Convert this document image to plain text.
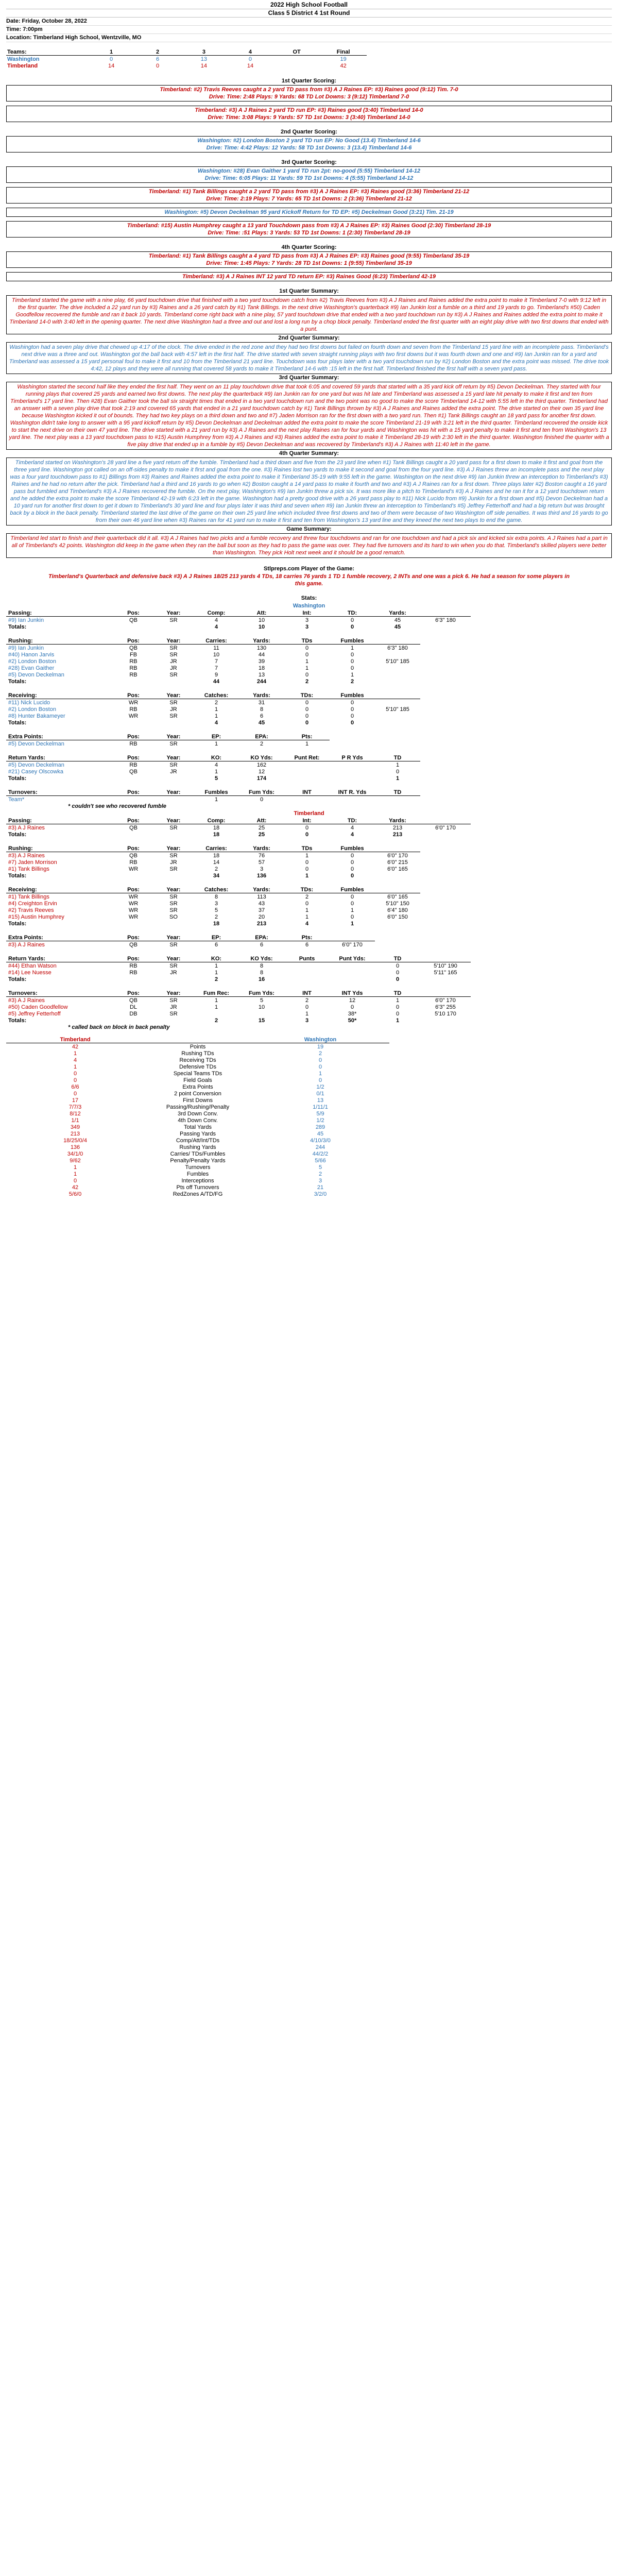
2022 High School Football
Class 5 District 4 1st Round
Date: Friday, October 28, 2022
Time: 7:00pm
Location: Timberland High School, Wentzville, MO
Teams:	1	2	3	4	OT	Final
Washington	0	6	13	0		19
Timberland	14	0	14	14		42
1st Quarter Scoring:
Timberland: #2) Travis Reeves caught a 2 yard TD pass from #3) A J Raines EP: #3) Raines good (9:12) Tim. 7-0
Drive: Time: 2:48 Plays: 9 Yards: 68 TD Lot Downs: 3 (9:12) Timberland 7-0
Timberland: #3) A J Raines 2 yard TD run EP: #3) Raines good (3:40) Timberland 14-0
Drive: Time: 3:08 Plays: 9 Yards: 57 TD 1st Downs: 3 (3:40) Timberland 14-0
2nd Quarter Scoring:
Washington: #2) London Boston 2 yard TD run EP: No Good (13.4) Timberland 14-6
Drive: Time: 4:42 Plays: 12 Yards: 58 TD 1st Downs: 3 (13.4) Timberland 14-6
3rd Quarter Scoring:
Washington: #28) Evan Gaither 1 yard TD run 2pt: no-good (5:55) Timberland 14-12
Drive: Time: 6:05 Plays: 11 Yards: 59 TD 1st Downs: 4 (5:55) Timberland 14-12
Timberland: #1) Tank Billings caught a 2 yard TD pass from #3) A J Raines EP: #3) Raines good (3:36) Timberland 21-12
Drive: Time: 2:19 Plays: 7 Yards: 65 TD 1st Downs: 2 (3:36) Timberland 21-12
Washington: #5) Devon Deckelman 95 yard Kickoff Return for TD EP: #5) Deckelman Good (3:21) Tim. 21-19
Timberland: #15) Austin Humphrey caught a 13 yard Touchdown pass from #3) A J Raines EP: #3) Raines Good (2:30) Timberland 28-19
Drive: Time: :51 Plays: 3 Yards: 53 TD 1st Downs: 1 (2:30) Timberland 28-19
4th Quarter Scoring:
Timberland: #1) Tank Billings caught a 4 yard TD pass from #3) A J Raines EP: #3) Raines good (9:55) Timberland 35-19
Drive: Time: 1:45 Plays: 7 Yards: 28 TD 1st Downs: 1 (9:55) Timberland 35-19
Timberland: #3) A J Raines INT 12 yard TD return EP: #3) Raines Good (6:23) Timberland 42-19
1st Quarter Summary:
Timberland started the game with a nine play, 66 yard touchdown drive that finished with a two yard touchdown catch from #2) Travis Reeves from #3) A J Raines and Raines added the extra point to make it Timberland 7-0 with 9:12 left in the first quarter. The drive included a 22 yard run by #3) Raines and a 26 yard catch by #1) Tank Billings. In the next drive Washington's quarterback #9) Ian Junkin lost a fumble on a third and 19 yards to go. Timberland's #50) Caden Goodfellow recovered the fumble and ran it back 10 yards. Timberland come right back with a nine play, 57 yard touchdown drive that ended with a two yard touchdown run by #3) A J Raines and Raines added the extra point to make it Timberland 14-0 with 3:40 left in the opening quarter. The next drive Washington had a three and out and lost a long run by a chop block penalty. Timberland ended the first quarter with an eight play drive with two first downs that ended with a punt.
2nd Quarter Summary:
Washington had a seven play drive that chewed up 4:17 of the clock. The drive ended in the red zone and they had two first downs but failed on fourth down and seven from the Timberland 15 yard line with an incomplete pass. Timberland's next drive was a three and out. Washington got the ball back with 4:57 left in the first half. The drive started with seven straight running plays with two first downs but it was fourth down and one and #9) Ian Junkin ran for a yard and Timberland was assessed a 15 yard personal foul to make it first and 10 from the Timberland 21 yard line. Touchdown was four plays later with a two yard touchdown run by #2) London Boston and the extra point was missed. The drive took 4:42, 12 plays and they were all running that covered 58 yards to make it Timberland 14-6 with :15 left in the first half. Timberland finished the first half with a seven yard pass.
3rd Quarter Summary:
Washington started the second half like they ended the first half. They went on an 11 play touchdown drive that took 6:05 and covered 59 yards that started with a 35 yard kick off return by #5) Devon Deckelman. They started with four running plays that covered 25 yards and earned two first downs. The next play the quarterback #9) Ian Junkin ran for one yard but was hit late and Timberland was assessed a 15 yard late hit penalty to make it first and ten from Timberland's 17 yard line. Then #28) Evan Gaither took the ball six straight times that ended in a two yard touchdown run and the two point was no good to make the score Timberland 14-12 with 5:55 left in the third quarter. Timberland had an answer with a seven play drive that took 2:19 and covered 65 yards that ended in a 21 yard touchdown catch by #1) Tank Billings thrown by #3) A J Raines and Raines added the extra point. The drive started on their own 35 yard line because Washington kicked it out of bounds. They had two key plays on a third down and two and #7) Jaden Morrison ran for the first down with a two yard run. Then #1) Tank Billings caught an 18 yard pass for another first down. Washington didn't take long to answer with a 95 yard kickoff return by #5) Devon Deckelman and Deckelman added the extra point to make the score Timberland 21-19 with 3:21 left in the third quarter. Timberland recovered the onside kick to start the next drive on their own 47 yard line. The drive started with a 21 yard run by #3) A J Raines and the next play Raines ran for four yards and Washington was hit with a 15 yard penalty to make it first and ten from Washington's 13 yard line. The next play was a 13 yard touchdown pass to #15) Austin Humphrey from #3) A J Raines and #3) Raines added the extra point to make it Timberland 28-19 with 2:30 left in the third quarter. Washington finished the quarter with a five play drive that ended up in a fumble by #5) Devon Deckelman and was recovered by Timberland's #3) A J Raines with 11:40 left in the game.
4th Quarter Summary:
Timberland started on Washington's 28 yard line a five yard return off the fumble. Timberland had a third down and five from the 23 yard line when #1) Tank Billings caught a 20 yard pass for a first down to make it first and goal from the three yard line. Washington got called on an off-sides penalty to make it first and goal from the one. #3) Raines lost two yards to make it second and goal from the four yard line. #3) A J Raines threw an incomplete pass and the next play was a four yard touchdown pass to #1) Billings from #3) Raines and Raines added the extra point to make it Timberland 35-19 with 9:55 left in the game. Washington on the next drive #9) Ian Junkin threw an interception to Timberland's #3) Raines and he had no return after the pick. Timberland had a third and 16 yards to go when #2) Boston caught a 14 yard pass to make it fourth and two and #3) A J Raines ran for a first down. Three plays later #2) Boston caught a 16 yard pass but fumbled and Timberland's #3) A J Raines recovered the fumble. On the next play, Washington's #9) Ian Junkin threw a pick six. It was more like a pitch to Timberland's #3) A J Raines and he ran it for a 12 yard touchdown return and he added the extra point to make the score Timberland 42-19 with 6:23 left in the game. Washington had a pretty good drive with a 26 yard pass play to #11) Nick Lucido from #9) Junkin for a first down and #5) Devon Deckelman had a 10 yard run for another first down to get it down to Timberland's 30 yard line and four plays later it was third and seven when #9) Ian Junkin threw an interception to Timberland's #5) Jeffrey Fetterhoff and had a big return but was brought back by a block in the back penalty. Timberland started the last drive of the game on their own 25 yard line which included three first downs and two of them were because of two Washington off side penalties. It was third and 16 yards to go from their own 46 yard line when #3) Raines ran for 41 yard run to make it first and ten from Washington's 13 yard line and they kneed the next two plays to end the game.
Game Summary:
Timberland led start to finish and their quarterback did it all. #3) A J Raines had two picks and a fumble recovery and threw four touchdowns and ran for one touchdown and had a pick six and kicked six extra points. A J Raines had a part in all of Timberland's 42 points. Washington did keep in the game when they ran the ball but soon as they had to pass the game was over. They had five turnovers and its hard to win when you do that. Timberland's skilled players were better than Washington. They pick Holt next week and it should be a good rematch.
Stlpreps.com Player of the Game:
Timberland's Quarterback and defensive back #3) A J Raines 18/25 213 yards 4 TDs, 18 carries 76 yards 1 TD 1 fumble recovery, 2 INTs and one was a pick 6. He had a season for some players in this game.
Stats:
Washington
Passing:	Pos:	Year:	Comp:	Att:	Int:	TD:	Yards:	
#9) Ian Junkin	QB	SR	4	10	3	0	45	6'3" 180
Totals:			4	10	3	0	45	
Rushing:	Pos:	Year:	Carries:	Yards:	TDs	Fumbles	
#9) Ian Junkin	QB	SR	11	130	0	1	6'3" 180
#40) Hanon Jarvis	FB	SR	10	44	0	0	
#2) London Boston	RB	JR	7	39	1	0	5'10" 185
#28) Evan Gaither	RB	JR	7	18	1	0	
#5) Devon Deckelman	RB	SR	9	13	0	1	
Totals:			44	244	2	2	
Receiving:	Pos:	Year:	Catches:	Yards:	TDs:	Fumbles	
#11) Nick Lucido	WR	SR	2	31	0	0	
#2) London Boston	RB	JR	1	8	0	0	5'10" 185
#8) Hunter Bakameyer	WR	SR	1	6	0	0	
Totals:			4	45	0	0	
Extra Points:	Pos:	Year:	EP:	EPA:	Pts:
#5) Devon Deckelman	RB	SR	1	2	1
Return Yards:	Pos:	Year:	KO:	KO Yds:	Punt Ret:	P R Yds	TD
#5) Devon Deckelman	RB	SR	4	162			1
#21) Casey Olscowka	QB	JR	1	12			0
Totals:			5	174			1
Turnovers:	Pos:	Year:	Fumbles	Fum Yds:	INT	INT R. Yds	TD
Team*			1	0			
* couldn't see who recovered fumble
Timberland
Passing:	Pos:	Year:	Comp:	Att:	Int:	TD:	Yards:	
#3) A J Raines	QB	SR	18	25	0	4	213	6'0" 170
Totals:			18	25	0	4	213	
Rushing:	Pos:	Year:	Carries:	Yards:	TDs	Fumbles	
#3) A J Raines	QB	SR	18	76	1	0	6'0" 170
#7) Jaden Morrison	RB	JR	14	57	0	0	6'0" 215
#1) Tank Billings	WR	SR	2	3	0	0	6'0" 165
Totals:			34	136	1	0	
Receiving:	Pos:	Year:	Catches:	Yards:	TDs:	Fumbles	
#1) Tank Billings	WR	SR	8	113	2	0	6'0" 165
#4) Creighton Ervin	WR	SR	3	43	0	0	5'10" 150
#2) Travis Reeves	WR	SR	5	37	1	1	6'4" 180
#15) Austin Humphrey	WR	SO	2	20	1	0	6'0" 150
Totals:			18	213	4	1	
Extra Points:	Pos:	Year:	EP:	EPA:	Pts:	
#3) A J Raines	QB	SR	6	6	6	6'0" 170
Return Yards:	Pos:	Year:	KO:	KO Yds:	Punts	Punt Yds:	TD	
#44) Ethan Watson	RB	SR	1	8			0	5'10" 190
#14) Lee Nuesse	RB	JR	1	8			0	5'11" 165
Totals:			2	16			0	
Turnovers:	Pos:	Year:	Fum Rec:	Fum Yds:	INT	INT Yds	TD	
#3) A J Raines	QB	SR	1	5	2	12	1	6'0" 170
#50) Caden Goodfellow	DL	JR	1	10	0	0	0	6'3" 255
#5) Jeffrey Fetterhoff	DB	SR			1	38*	0	5'10 170
Totals:			2	15	3	50*	1	
* called back on block in back penalty
Timberland		Washington
42	Points	19
1	Rushing TDs	2
4	Receiving TDs	0
1	Defensive TDs	0
0	Special Teams TDs	1
0	Field Goals	0
6/6	Extra Points	1/2
0	2 point Conversion	0/1
17	First Downs	13
7/7/3	Passing/Rushing/Penalty	1/11/1
8/12	3rd Down Conv.	5/9
1/1	4th Down Conv.	1/2
349	Total Yards	289
213	Passing Yards	45
18/25/0/4	Comp/Att/Int/TDs	4/10/3/0
136	Rushing Yards	244
34/1/0	Carries/ TDs/Fumbles	44/2/2
9/62	Penalty/Penalty Yards	5/66
1	Turnovers	5
1	Fumbles	2
0	Interceptions	3
42	Pts off Turnovers	21
5/6/0	RedZones A/TD/FG	3/2/0
